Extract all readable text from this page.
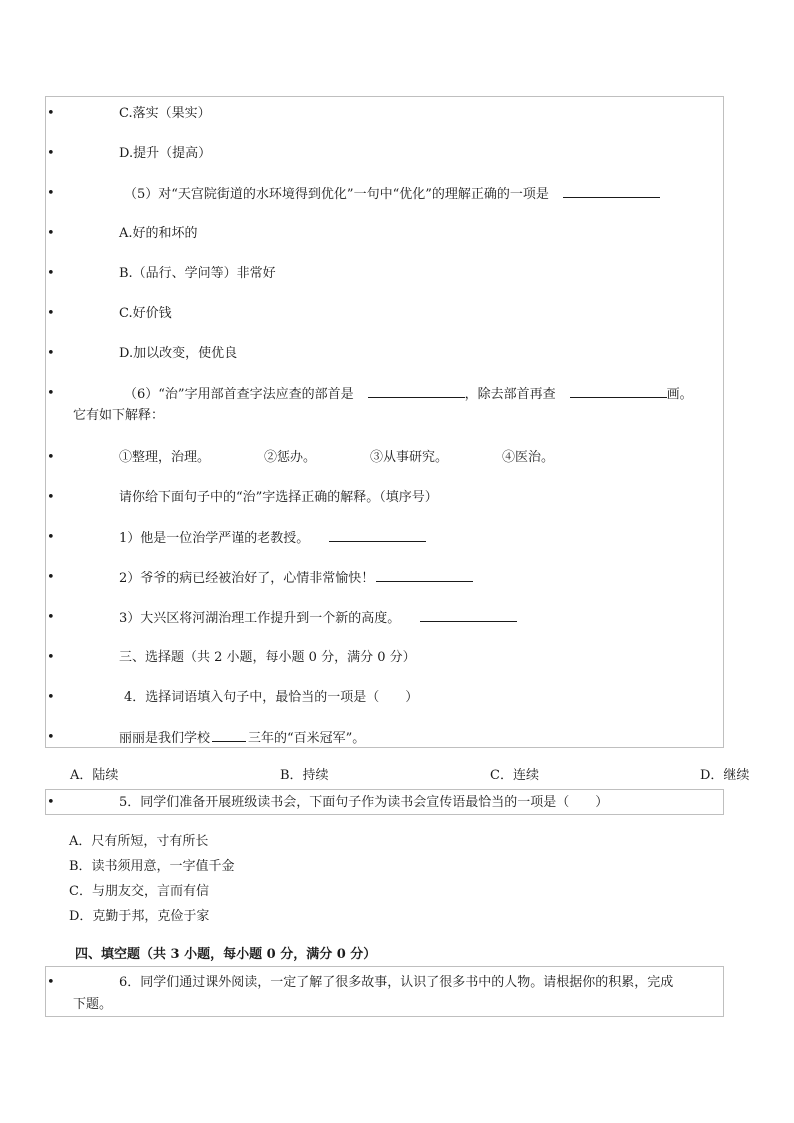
•	C.落实（果实）
•	D.提升（提高）
•	（5）对“天宫院街道的水环境得到优化”一句中“优化”的理解正确的一项是
•	A.好的和坏的
•	B.（品行、学问等）非常好
•	C.好价钱
•	D.加以改变，使优良
•	（6）“治”字用部首查字法应查的部首是	，除去部首再查	画。
它有如下解释：
•	①整理，治理。	②惩办。	③从事研究。	④医治。
•	请你给下面句子中的“治”字选择正确的解释。（填序号）
•	1）他是一位治学严谨的老教授。
•	2）爷爷的病已经被治好了，心情非常愉快！
•	3）大兴区将河湖治理工作提升到一个新的高度。
•	三、选择题（共 2 小题，每小题 0 分，满分 0 分）
•	4．选择词语填入句子中，最恰当的一项是（　　）
•	丽丽是我们学校	三年的“百米冠军”。
A．陆续	B．持续	C．连续	D．继续
•	5．同学们准备开展班级读书会，下面句子作为读书会宣传语最恰当的一项是（　　）
A．尺有所短，寸有所长
B．读书须用意，一字值千金
C．与朋友交，言而有信
D．克勤于邦，克俭于家
四、填空题（共 3 小题，每小题 0 分，满分 0 分）
•	6．同学们通过课外阅读，一定了解了很多故事，认识了很多书中的人物。请根据你的积累，完成
下题。
